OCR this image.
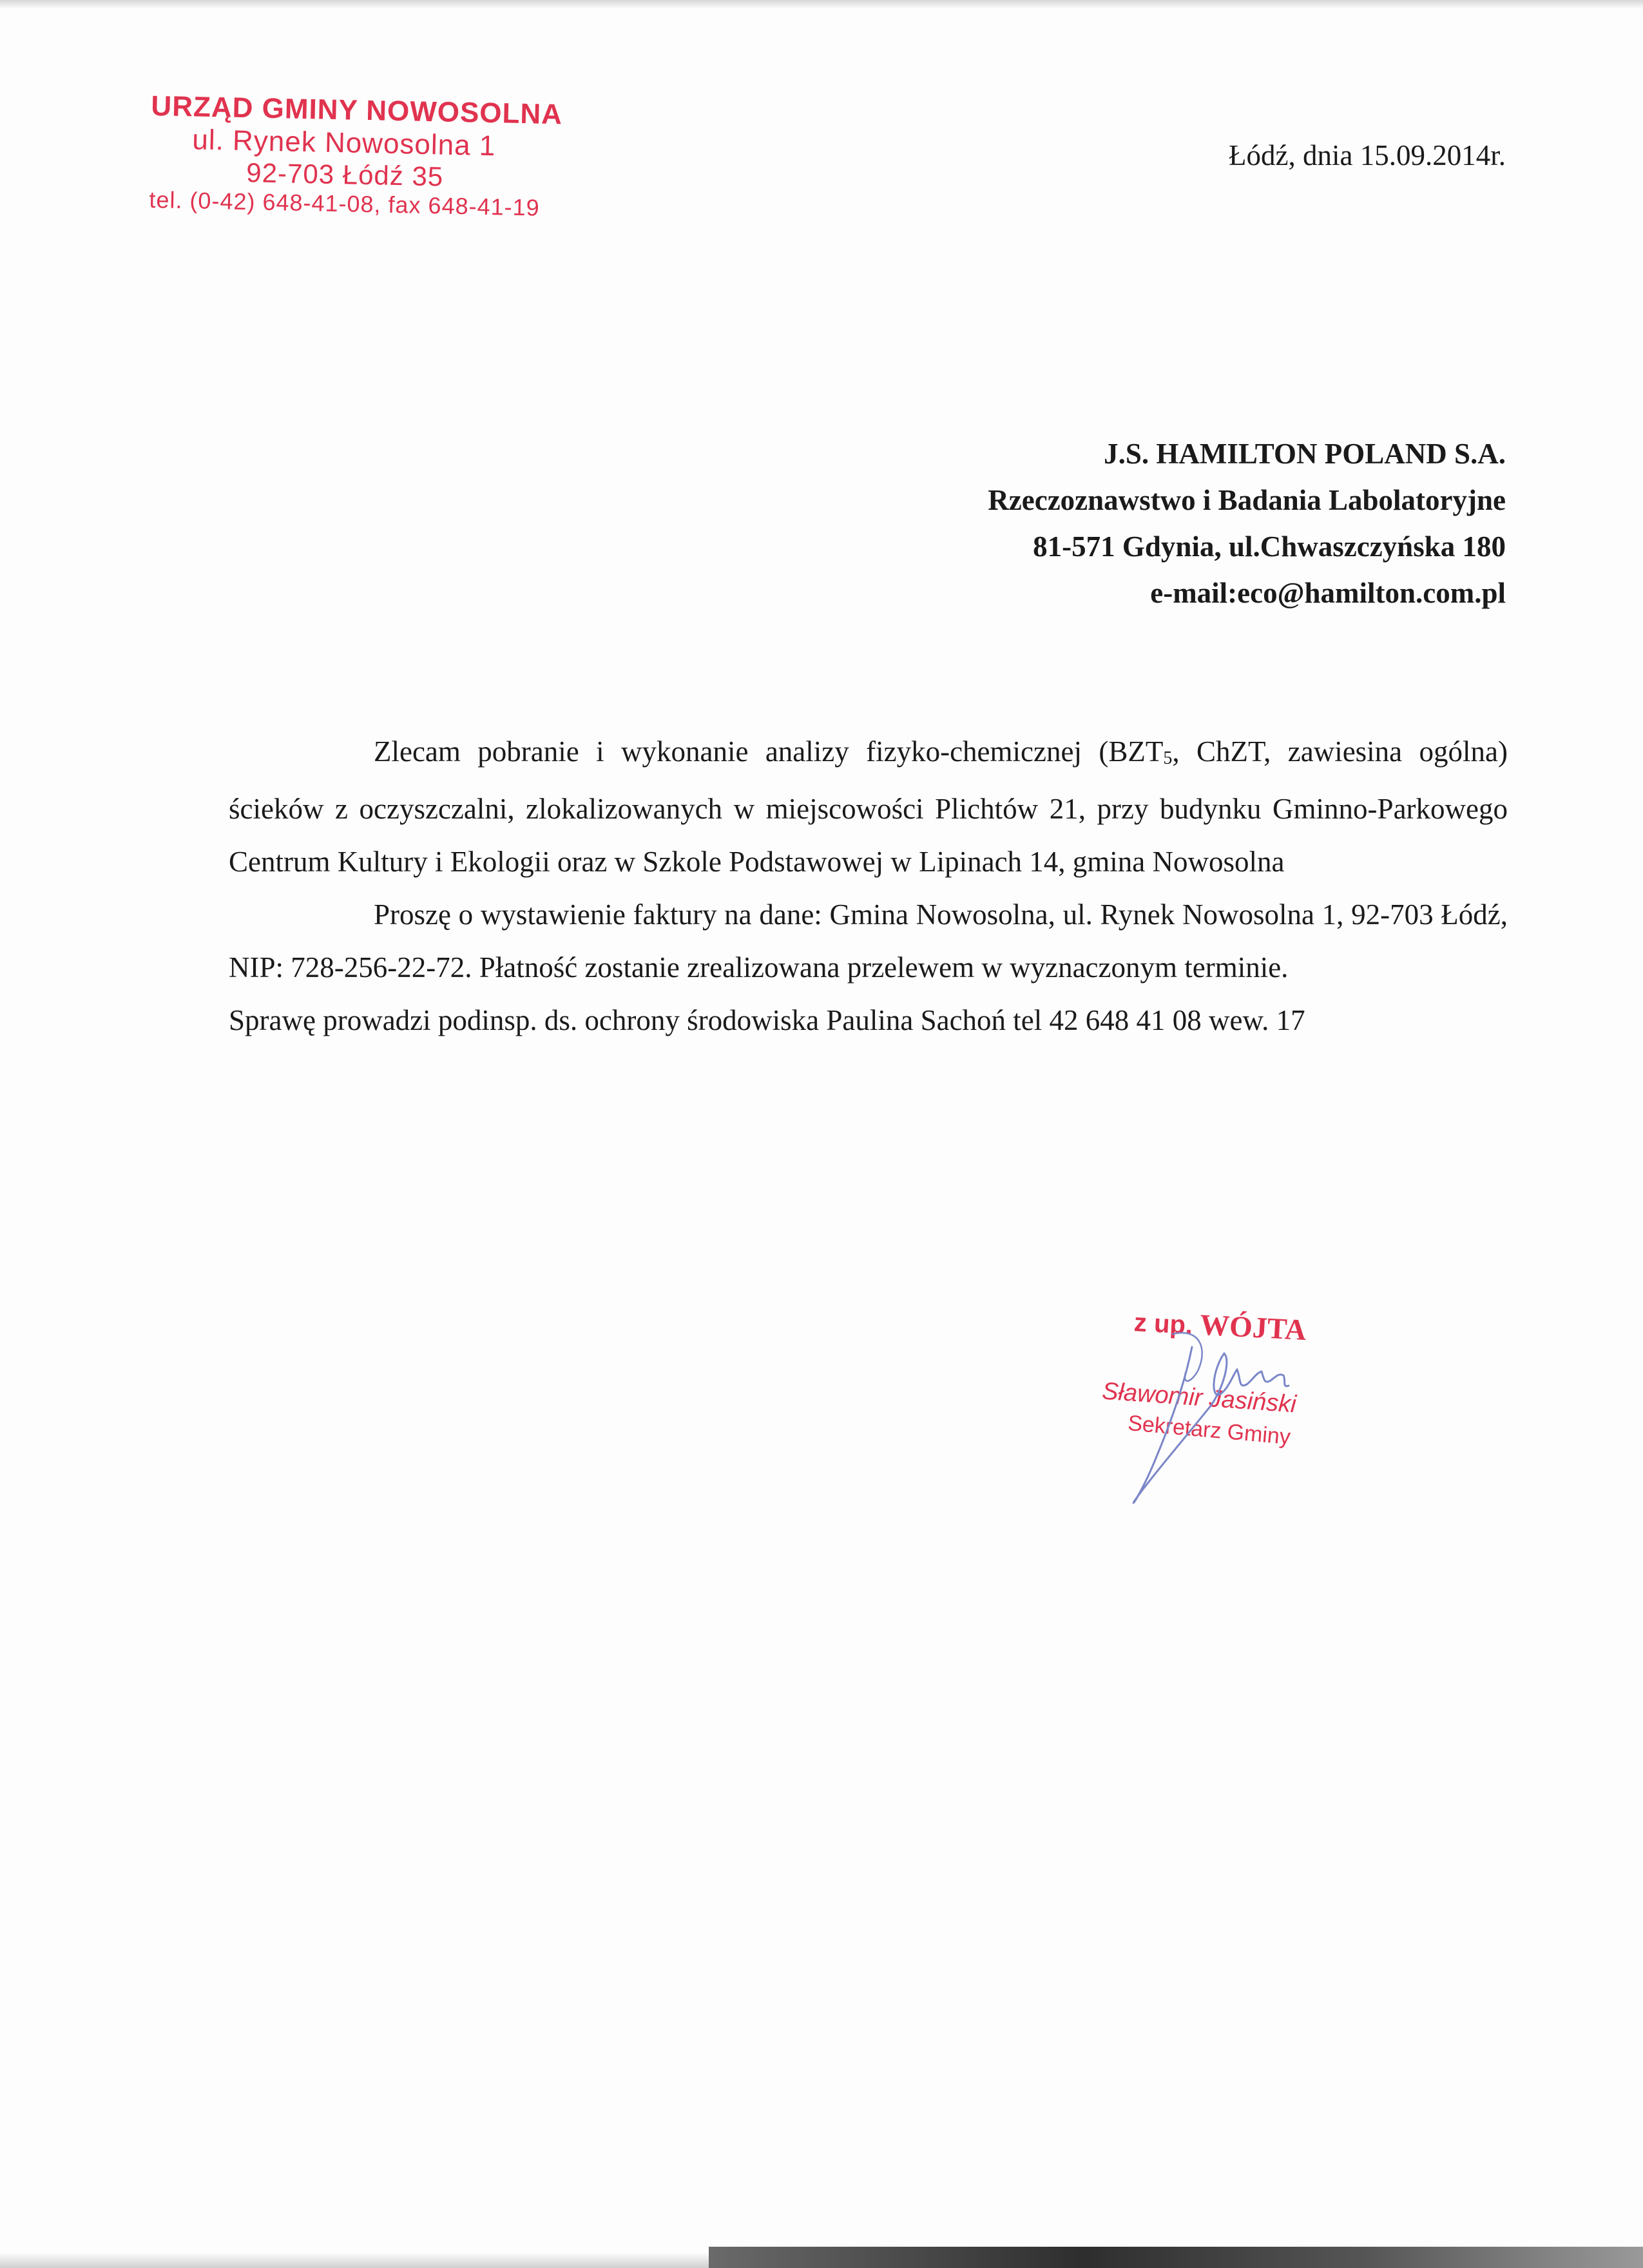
URZĄD GMINY NOWOSOLNA
ul. Rynek Nowosolna 1
92-703 Łódź 35
tel. (0-42) 648-41-08, fax 648-41-19
Łódź, dnia 15.09.2014r.
J.S. HAMILTON POLAND S.A.
Rzeczoznawstwo i Badania Labolatoryjne
81-571 Gdynia, ul.Chwaszczyńska 180
e-mail:eco@hamilton.com.pl

Zlecam pobranie i wykonanie analizy fizyko-chemicznej ($BZT_5$, ChZT, zawiesina ogólna) ścieków z oczyszczalni, zlokalizowanych w miejscowości Plichtów 21, przy budynku Gminno-Parkowego Centrum Kultury i Ekologii oraz w Szkole Podstawowej w Lipinach 14, gmina Nowosolna

Proszę o wystawienie faktury na dane: Gmina Nowosolna, ul. Rynek Nowosolna 1, 92-703 Łódź, NIP: 728-256-22-72. Płatność zostanie zrealizowana przelewem w wyznaczonym terminie.

Sprawę prowadzi podinsp. ds. ochrony środowiska Paulina Sachoń tel 42 648 41 08 wew. 17

z up. WÓJTA
Sławomir Jasiński
Sekretarz Gminy
